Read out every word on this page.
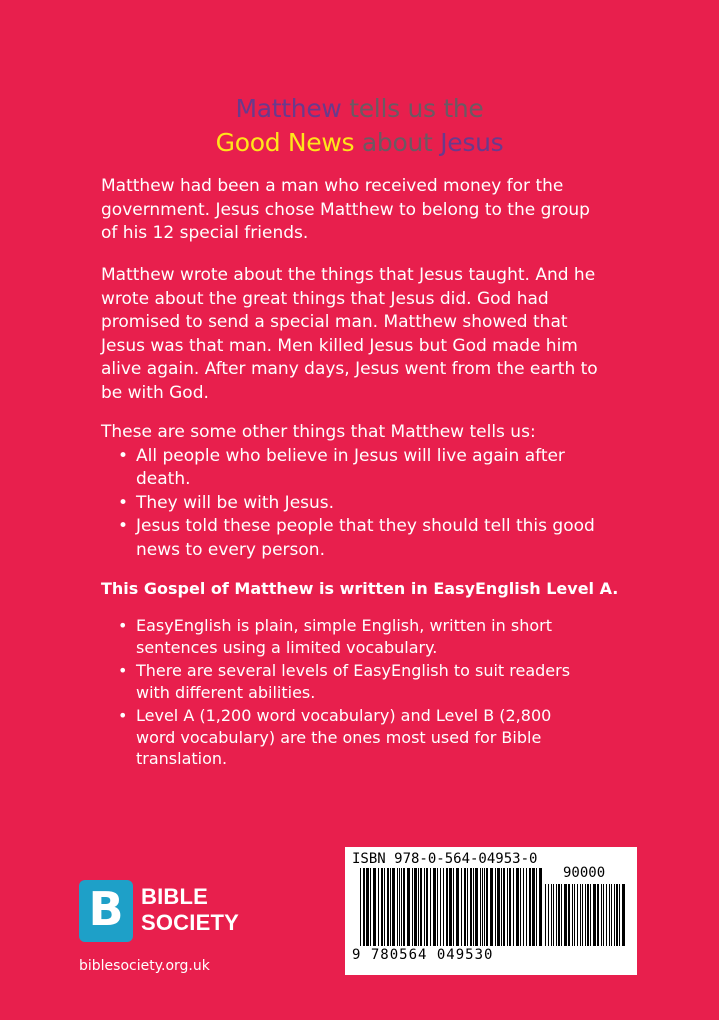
Matthew tells us the
Good News about Jesus

Matthew had been a man who received money for the government. Jesus chose Matthew to belong to the group of his 12 special friends.

Matthew wrote about the things that Jesus taught. And he wrote about the great things that Jesus did. God had promised to send a special man. Matthew showed that Jesus was that man. Men killed Jesus but God made him alive again. After many days, Jesus went from the earth to be with God.

These are some other things that Matthew tells us:

• All people who believe in Jesus will live again after death.
• They will be with Jesus.
• Jesus told these people that they should tell this good news to every person.
This Gospel of Matthew is written in EasyEnglish Level A.
• EasyEnglish is plain, simple English, written in short sentences using a limited vocabulary.
• There are several levels of EasyEnglish to suit readers with different abilities.
• Level A (1,200 word vocabulary) and Level B (2,800 word vocabulary) are the ones most used for Bible translation.
B BIBLE
SOCIETY
biblesociety.org.uk
ISBN 978-0-564-04953-0
90000
9 780564 049530
